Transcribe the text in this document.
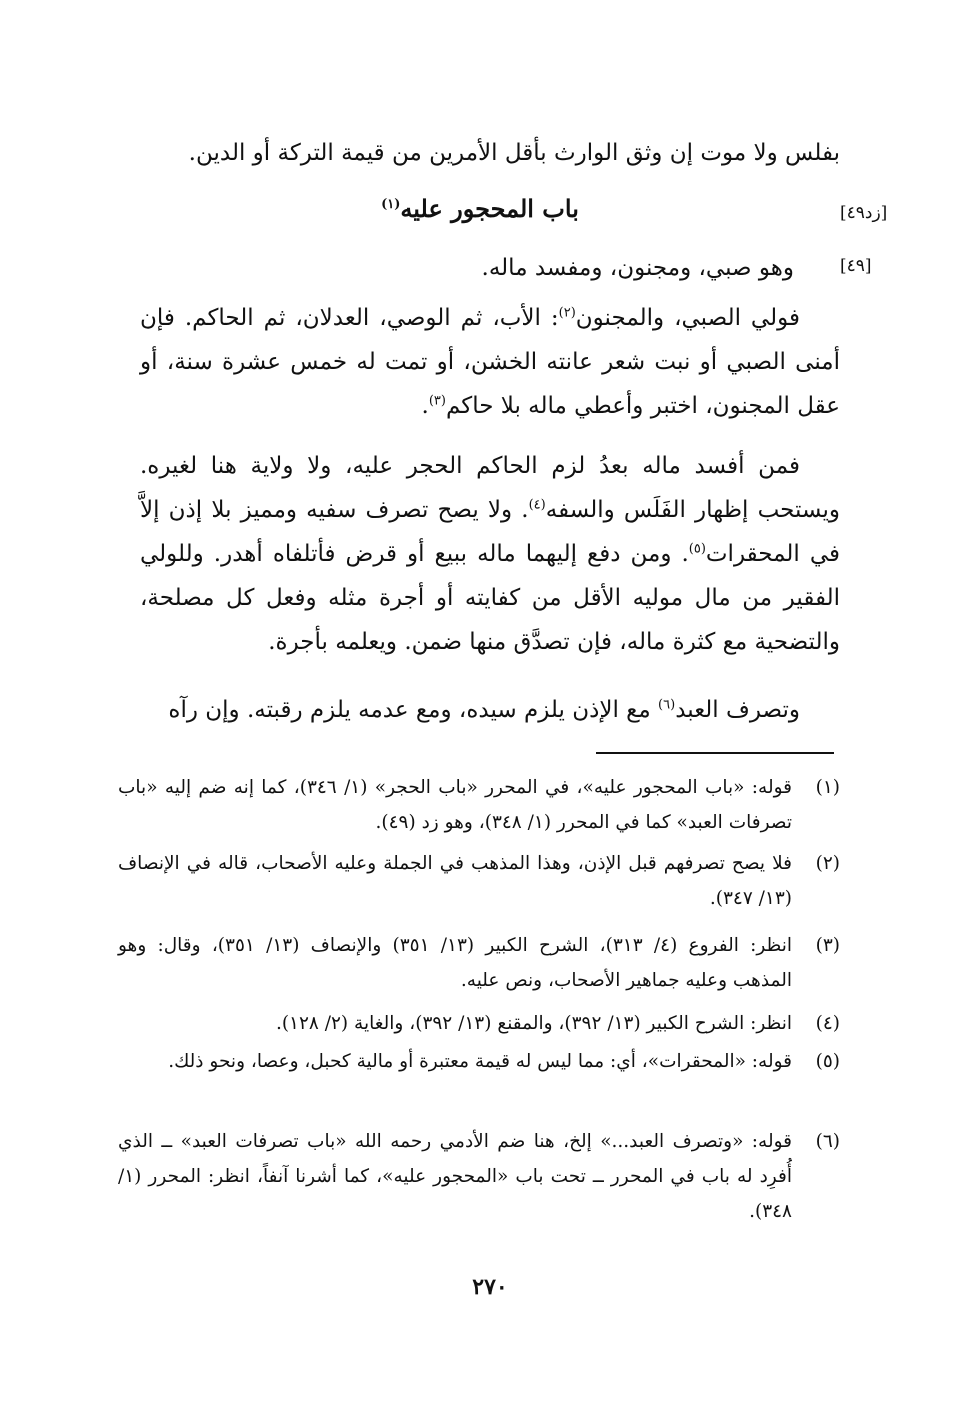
بفلس ولا موت إن وثق الوارث بأقل الأمرين من قيمة التركة أو الدين.
[زد٤٩]
باب المحجور عليه$^{(١)}$
[٤٩]
وهو صبي، ومجنون، ومفسد ماله.
فولي الصبي، والمجنون$^{(٢)}$: الأب، ثم الوصي، العدلان، ثم الحاكم. فإن أمنى الصبي أو نبت شعر عانته الخشن، أو تمت له خمس عشرة سنة، أو عقل المجنون، اختبر وأعطي ماله بلا حاكم$^{(٣)}$.
فمن أفسد ماله بعدُ لزم الحاكم الحجر عليه، ولا ولاية هنا لغيره. ويستحب إظهار الفَلَس والسفه$^{(٤)}$. ولا يصح تصرف سفيه ومميز بلا إذن إلاَّ في المحقرات$^{(٥)}$. ومن دفع إليهما ماله ببيع أو قرض فأتلفاه أهدر. وللولي الفقير من مال موليه الأقل من كفايته أو أجرة مثله وفعل كل مصلحة، والتضحية مع كثرة ماله، فإن تصدَّق منها ضمن. ويعلمه بأجرة.
وتصرف العبد$^{(٦)}$ مع الإذن يلزم سيده، ومع عدمه يلزم رقبته. وإن رآه
(١)
قوله: «باب المحجور عليه»، في المحرر «باب الحجر» (١/ ٣٤٦)، كما إنه ضم إليه «باب تصرفات العبد» كما في المحرر (١/ ٣٤٨)، وهو زد (٤٩).
(٢)
فلا يصح تصرفهم قبل الإذن، وهذا المذهب في الجملة وعليه الأصحاب، قاله في الإنصاف (١٣/ ٣٤٧).
(٣)
انظر: الفروع (٤/ ٣١٣)، الشرح الكبير (١٣/ ٣٥١) والإنصاف (١٣/ ٣٥١)، وقال: وهو المذهب وعليه جماهير الأصحاب، ونص عليه.
(٤)
انظر: الشرح الكبير (١٣/ ٣٩٢)، والمقنع (١٣/ ٣٩٢)، والغاية (٢/ ١٢٨).
(٥)
قوله: «المحقرات»، أي: مما ليس له قيمة معتبرة أو مالية كحبل، وعصا، ونحو ذلك.
(٦)
قوله: «وتصرف العبد...» إلخ، هنا ضم الأدمي رحمه الله «باب تصرفات العبد» ــ الذي أُفرِد له باب في المحرر ــ تحت باب «المحجور عليه»، كما أشرنا آنفاً، انظر: المحرر (١/ ٣٤٨).
٢٧٠
